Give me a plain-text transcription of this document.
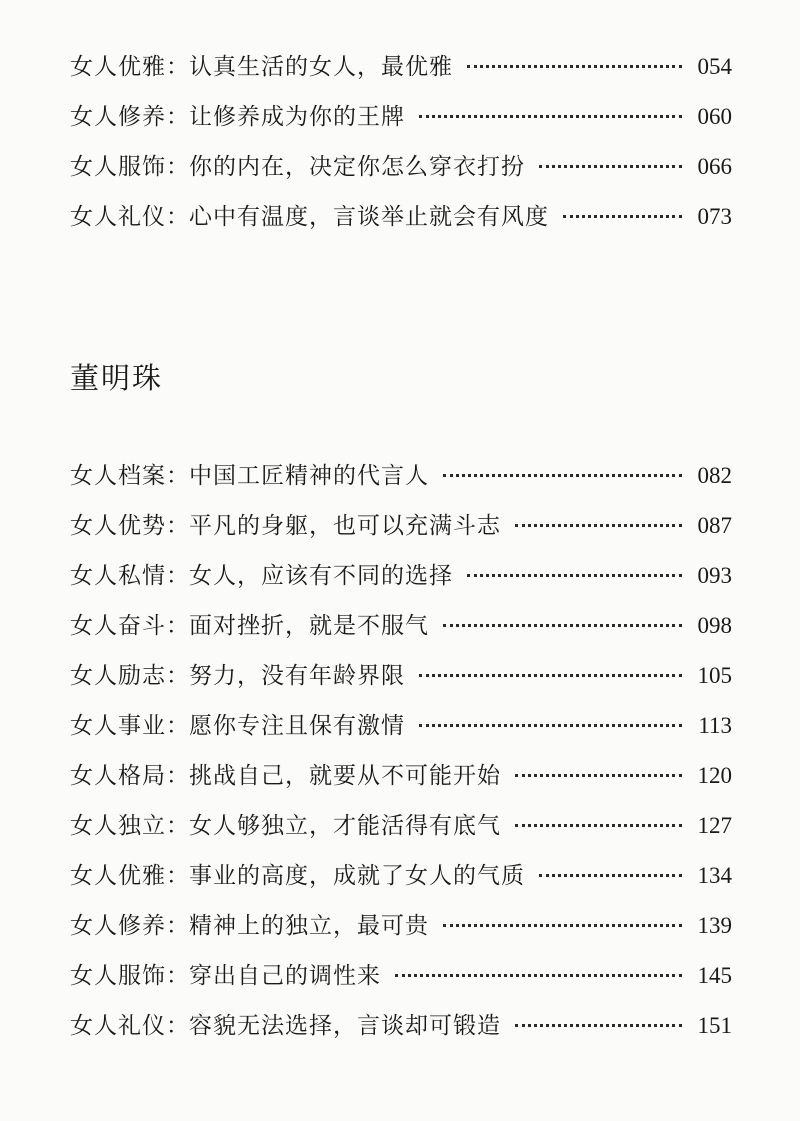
女人优雅 ： 认真生活的女人，最优雅	054
女人修养 ： 让修养成为你的王牌	060
女人服饰 ： 你的内在，决定你怎么穿衣打扮	066
女人礼仪 ： 心中有温度，言谈举止就会有风度	073
董明珠
女人档案 ： 中国工匠精神的代言人	082
女人优势 ： 平凡的身躯，也可以充满斗志	087
女人私情 ： 女人，应该有不同的选择	093
女人奋斗 ： 面对挫折，就是不服气	098
女人励志 ： 努力，没有年龄界限	105
女人事业 ： 愿你专注且保有激情	113
女人格局 ： 挑战自己，就要从不可能开始	120
女人独立 ： 女人够独立，才能活得有底气	127
女人优雅 ： 事业的高度，成就了女人的气质	134
女人修养 ： 精神上的独立，最可贵	139
女人服饰 ： 穿出自己的调性来	145
女人礼仪 ： 容貌无法选择，言谈却可锻造	151
